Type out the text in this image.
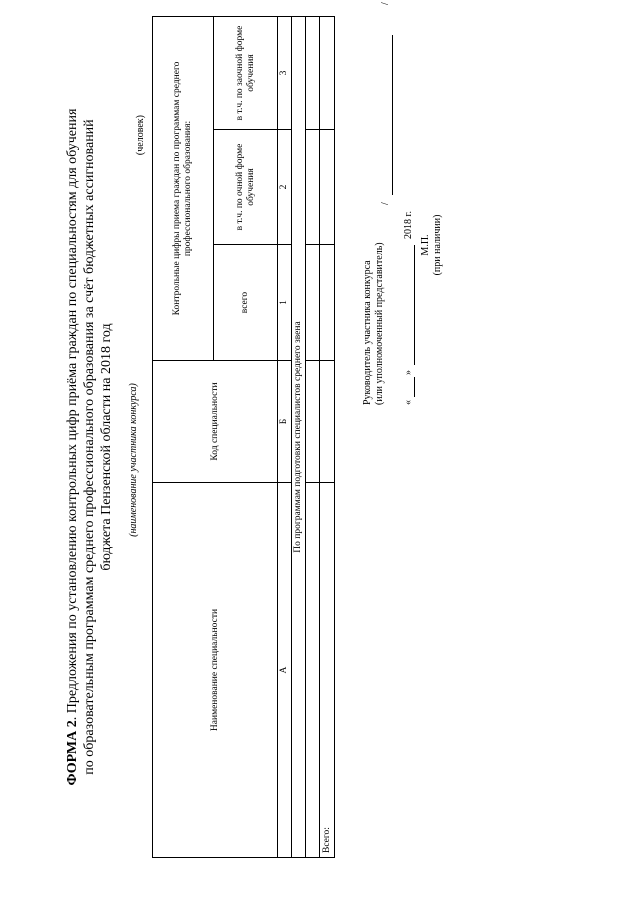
ФОРМА 2. Предложения по установлению контрольных цифр приёма граждан по специальностям для обучения по образовательным программам среднего профессионального образования за счёт бюджетных ассигнований бюджета Пензенской области на 2018 год (наименование участника конкурса)
(человек)
Наименование специальности
Код специальности
Контрольные цифры приема граждан по программам среднего профессионального образования:
всего
в т.ч. по очной форме обучения
в т.ч. по заочной форме обучения
А
Б
1
2
3
По программам подготовки специалистов среднего звена
Всего:
Руководитель участника конкурса (или уполномоченный представитель) «
»
2018 г.
/
/
М.П. (при наличии)
